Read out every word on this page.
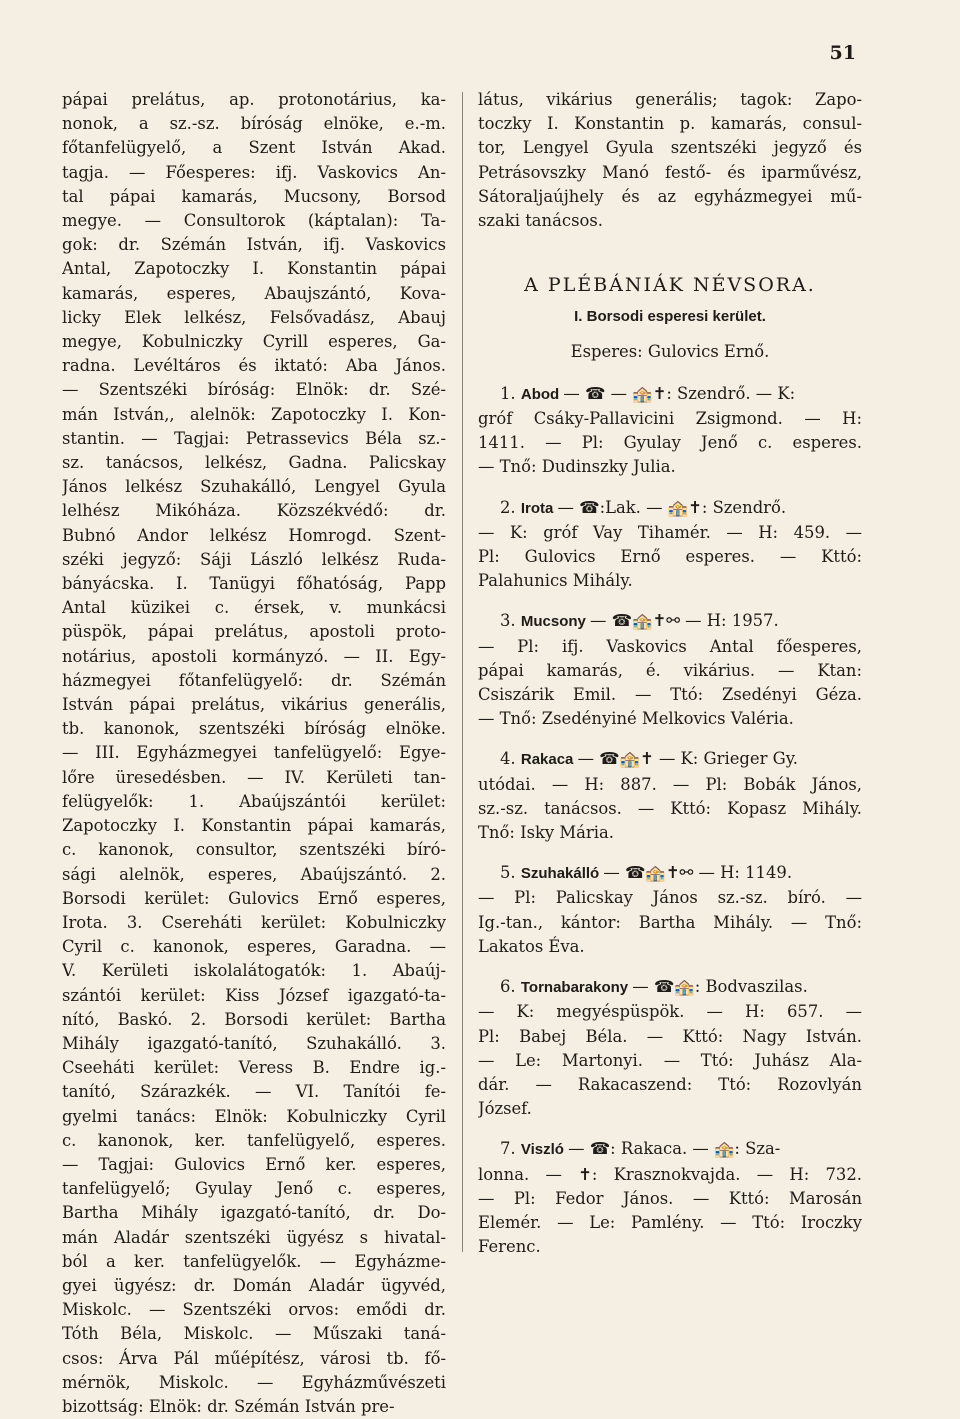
51
pápai prelátus, ap. protonotárius, ka-
nonok, a sz.-sz. bíróság elnöke, e.-m.
főtanfelügyelő, a Szent István Akad.
tagja. — Főesperes: ifj. Vaskovics An-
tal pápai kamarás, Mucsony, Borsod
megye. — Consultorok (káptalan): Ta-
gok: dr. Szémán István, ifj. Vaskovics
Antal, Zapotoczky I. Konstantin pápai
kamarás, esperes, Abaujszántó, Kova-
licky Elek lelkész, Felsővadász, Abauj
megye, Kobulniczky Cyrill esperes, Ga-
radna. Levéltáros és iktató: Aba János.
— Szentszéki bíróság: Elnök: dr. Szé-
mán István,, alelnök: Zapotoczky I. Kon-
stantin. — Tagjai: Petrassevics Béla sz.-
sz. tanácsos, lelkész, Gadna. Palicskay
János lelkész Szuhakálló, Lengyel Gyula
lelhész Mikóháza. Közszékvédő: dr.
Bubnó Andor lelkész Homrogd. Szent-
széki jegyző: Sáji László lelkész Ruda-
bányácska. I. Tanügyi főhatóság, Papp
Antal küzikei c. érsek, v. munkácsi
püspök, pápai prelátus, apostoli proto-
notárius, apostoli kormányzó. — II. Egy-
házmegyei főtanfelügyelő: dr. Szémán
István pápai prelátus, vikárius generális,
tb. kanonok, szentszéki bíróság elnöke.
— III. Egyházmegyei tanfelügyelő: Egye-
lőre üresedésben. — IV. Kerületi tan-
felügyelők: 1. Abaújszántói kerület:
Zapotoczky I. Konstantin pápai kamarás,
c. kanonok, consultor, szentszéki bíró-
sági alelnök, esperes, Abaújszántó. 2.
Borsodi kerület: Gulovics Ernő esperes,
Irota. 3. Csereháti kerület: Kobulniczky
Cyril c. kanonok, esperes, Garadna. —
V. Kerületi iskolalátogatók: 1. Abaúj-
szántói kerület: Kiss József igazgató-ta-
nító, Baskó. 2. Borsodi kerület: Bartha
Mihály igazgató-tanító, Szuhakálló. 3.
Cseeháti kerület: Veress B. Endre ig.-
tanító, Szárazkék. — VI. Tanítói fe-
gyelmi tanács: Elnök: Kobulniczky Cyril
c. kanonok, ker. tanfelügyelő, esperes.
— Tagjai: Gulovics Ernő ker. esperes,
tanfelügyelő; Gyulay Jenő c. esperes,
Bartha Mihály igazgató-tanító, dr. Do-
mán Aladár szentszéki ügyész s hivatal-
ból a ker. tanfelügyelők. — Egyházme-
gyei ügyész: dr. Domán Aladár ügyvéd,
Miskolc. — Szentszéki orvos: emődi dr.
Tóth Béla, Miskolc. — Műszaki taná-
csos: Árva Pál műépítész, városi tb. fő-
mérnök, Miskolc. — Egyházművészeti
bizottság: Elnök: dr. Szémán István pre-
látus, vikárius generális; tagok: Zapo-
toczky I. Konstantin p. kamarás, consul-
tor, Lengyel Gyula szentszéki jegyző és
Petrásovszky Manó festő- és iparművész,
Sátoraljaújhely és az egyházmegyei mű-
szaki tanácsos.
A PLÉBÁNIÁK NÉVSORA.
I. Borsodi esperesi kerület.
Esperes: Gulovics Ernő.
1. Abod — ☎ — 🏤✝: Szendrő. — K:
gróf Csáky-Pallavicini Zsigmond. — H:
1411. — Pl: Gyulay Jenő c. esperes.
— Tnő: Dudinszky Julia.
2. Irota — ☎:Lak. — 🏤✝: Szendrő.
— K: gróf Vay Tihamér. — H: 459. —
Pl: Gulovics Ernő esperes. — Kttó:
Palahunics Mihály.
3. Mucsony — ☎🏤✝⚯ — H: 1957.
— Pl: ifj. Vaskovics Antal főesperes,
pápai kamarás, é. vikárius. — Ktan:
Csiszárik Emil. — Ttó: Zsedényi Géza.
— Tnő: Zsedényiné Melkovics Valéria.
4. Rakaca — ☎🏤✝ — K: Grieger Gy.
utódai. — H: 887. — Pl: Bobák János,
sz.-sz. tanácsos. — Kttó: Kopasz Mihály.
Tnő: Isky Mária.
5. Szuhakálló — ☎🏤✝⚯ — H: 1149.
— Pl: Palicskay János sz.-sz. bíró. —
Ig.-tan., kántor: Bartha Mihály. — Tnő:
Lakatos Éva.
6. Tornabarakony — ☎🏤: Bodvaszilas.
— K: megyéspüspök. — H: 657. —
Pl: Babej Béla. — Kttó: Nagy István.
— Le: Martonyi. — Ttó: Juhász Ala-
dár. — Rakacaszend: Ttó: Rozovlyán
József.
7. Viszló — ☎: Rakaca. — 🏤: Sza-
lonna. — ✝: Krasznokvajda. — H: 732.
— Pl: Fedor János. — Kttó: Marosán
Elemér. — Le: Pamlény. — Ttó: Iroczky
Ferenc.
